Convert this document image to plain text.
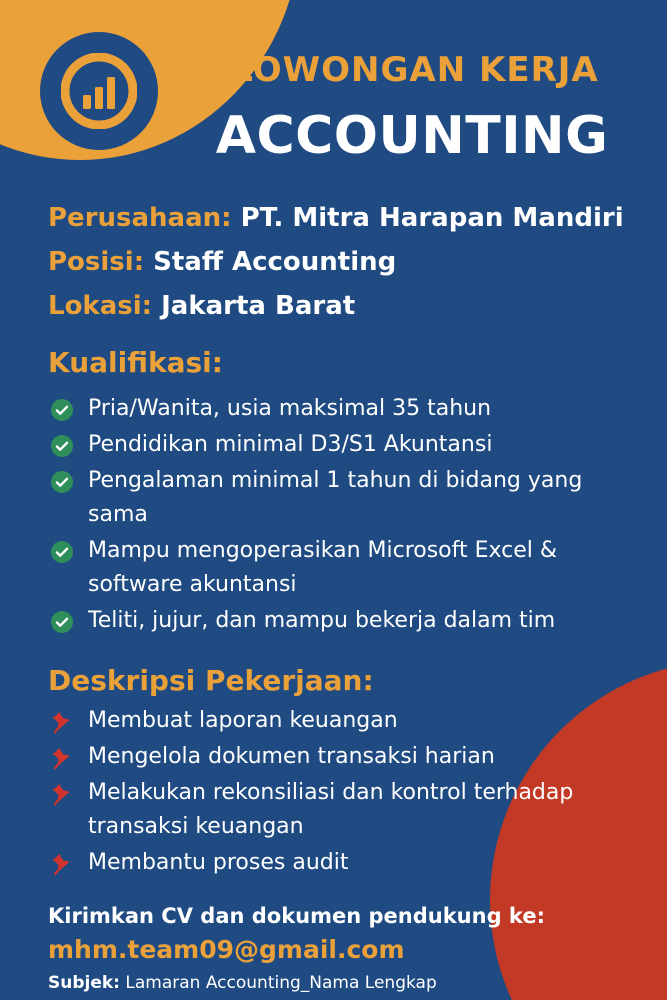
LOWONGAN KERJA
ACCOUNTING
Perusahaan: PT. Mitra Harapan Mandiri
Posisi: Staff Accounting
Lokasi: Jakarta Barat
Kualifikasi:
Pria/Wanita, usia maksimal 35 tahun
Pendidikan minimal D3/S1 Akuntansi
Pengalaman minimal 1 tahun di bidang yang sama
Mampu mengoperasikan Microsoft Excel & software akuntansi
Teliti, jujur, dan mampu bekerja dalam tim
Deskripsi Pekerjaan:
Membuat laporan keuangan
Mengelola dokumen transaksi harian
Melakukan rekonsiliasi dan kontrol terhadap transaksi keuangan
Membantu proses audit
Kirimkan CV dan dokumen pendukung ke:
mhm.team09@gmail.com
Subjek: Lamaran Accounting_Nama Lengkap
